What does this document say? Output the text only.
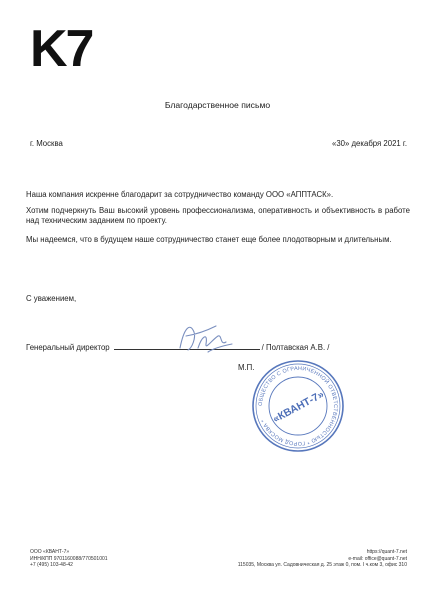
K7
Благодарственное письмо
г. Москва	«30» декабря 2021 г.

Наша компания искренне благодарит за сотрудничество команду ООО «АППТАСК».

Хотим подчеркнуть Ваш высокий уровень профессионализма, оперативность и объективность в работе над техническим заданием по проекту.

Мы надеемся, что в будущем наше сотрудничество станет еще более плодотворным и длительным.

С уважением,
Генеральный директор	/ Полтавская А.В. /
М.П.
ОБЩЕСТВО С ОГРАНИЧЕННОЙ ОТВЕТСТВЕННОСТЬЮ * ГОРОД МОСКВА * «КВАНТ-7»
ООО «КВАНТ-7»
ИНН/КПП 9701160088/770501001
+7 (495) 103-48-42
https://quant-7.net
e-mail: office@quant-7.net
115035, Москва ул. Садовническая д. 25 этаж 0, пом. I ч.ком 3, офис 310
